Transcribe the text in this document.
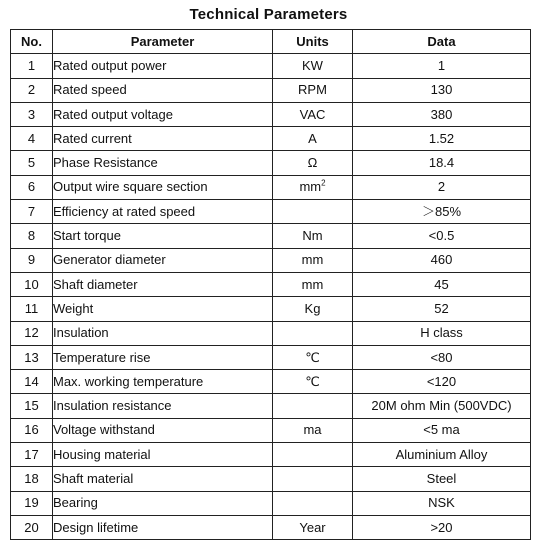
Technical Parameters
No.	Parameter	Units	Data
1	Rated output power	KW	1
2	Rated speed	RPM	130
3	Rated output voltage	VAC	380
4	Rated current	A	1.52
5	Phase Resistance	Ω	18.4
6	Output wire square section	$mm^2$	2
7	Efficiency at rated speed		＞85%
8	Start torque	Nm	<0.5
9	Generator diameter	mm	460
10	Shaft diameter	mm	45
11	Weight	Kg	52
12	Insulation		H class
13	Temperature rise	℃	<80
14	Max. working temperature	℃	<120
15	Insulation resistance		20M ohm Min (500VDC)
16	Voltage withstand	ma	<5 ma
17	Housing material		Aluminium Alloy
18	Shaft material		Steel
19	Bearing		NSK
20	Design lifetime	Year	>20
